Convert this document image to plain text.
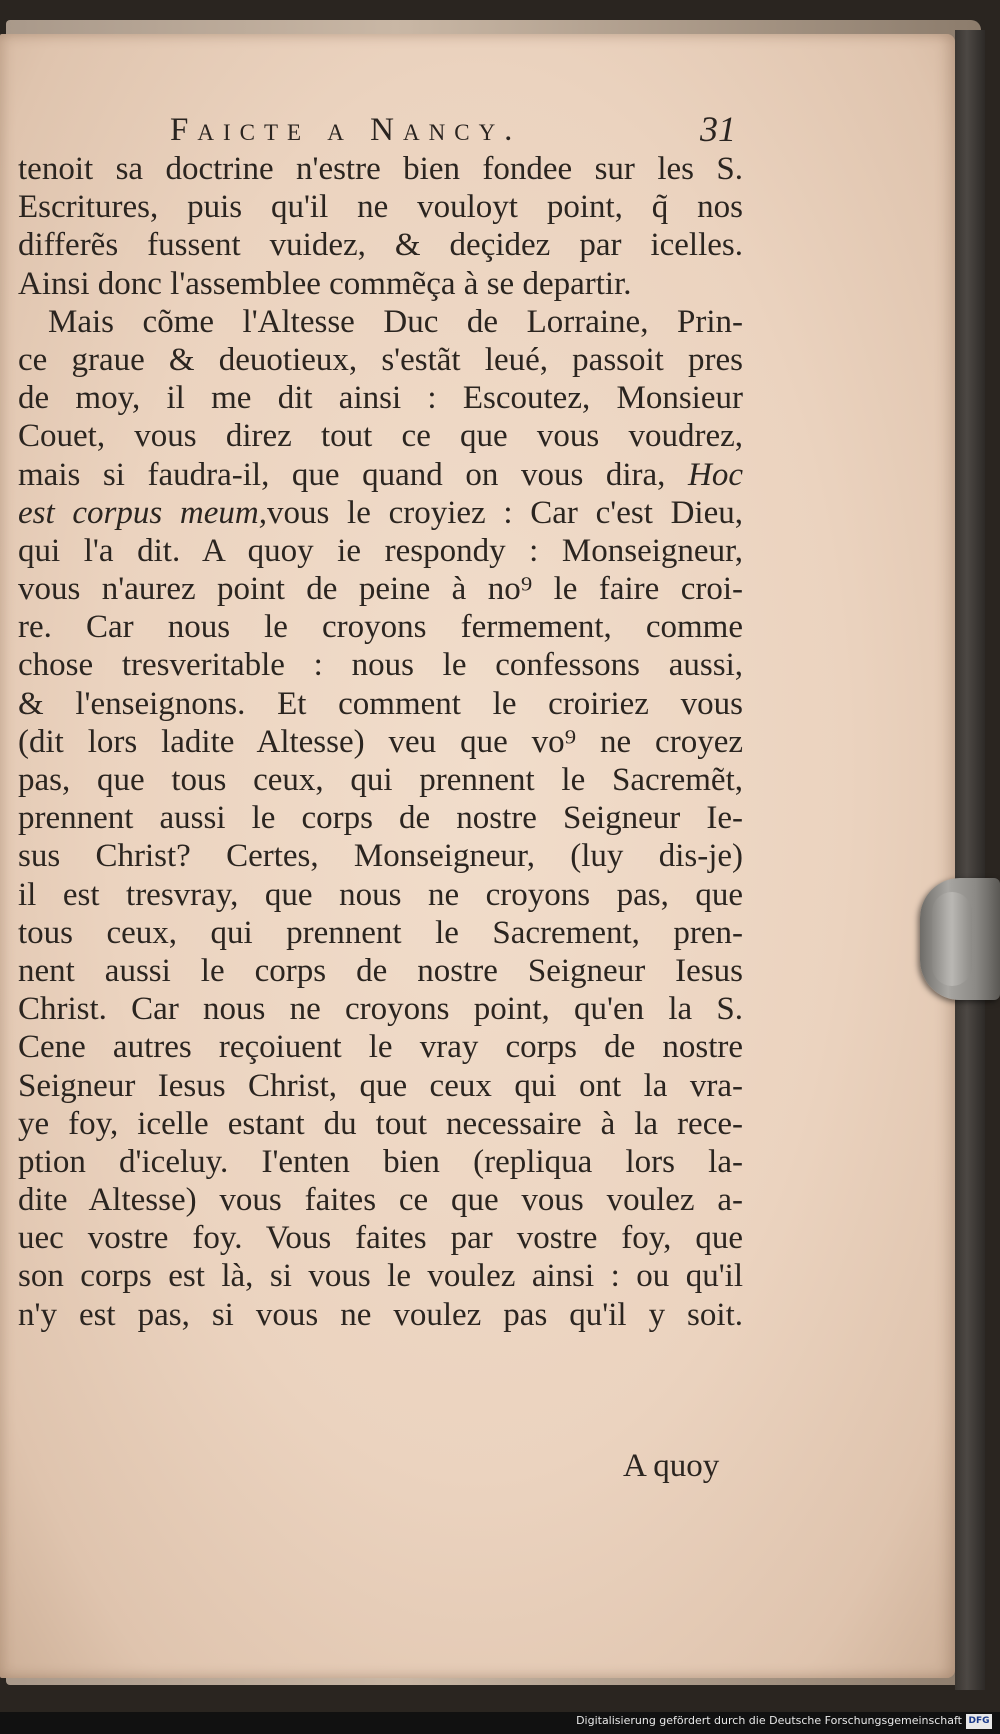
Faicte a Nancy.	31
tenoit sa doctrine n'estre bien fondee sur les S.
Escritures, puis qu'il ne vouloyt point, q̃ nos
differẽs fussent vuidez, & deçidez par icelles.
Ainsi donc l'assemblee commẽça à se departir.
Mais cõme l'Altesse Duc de Lorraine, Prin-
ce graue & deuotieux, s'estãt leué, passoit pres
de moy, il me dit ainsi : Escoutez, Monsieur
Couet, vous direz tout ce que vous voudrez,
mais si faudra-il, que quand on vous dira, Hoc
est corpus meum,vous le croyiez : Car c'est Dieu,
qui l'a dit. A quoy ie respondy : Monseigneur,
vous n'aurez point de peine à no⁹ le faire croi-
re. Car nous le croyons fermement, comme
chose tresveritable : nous le confessons aussi,
& l'enseignons. Et comment le croiriez vous
(dit lors ladite Altesse) veu que vo⁹ ne croyez
pas, que tous ceux, qui prennent le Sacremẽt,
prennent aussi le corps de nostre Seigneur Ie-
sus Christ? Certes, Monseigneur, (luy dis-je)
il est tresvray, que nous ne croyons pas, que
tous ceux, qui prennent le Sacrement, pren-
nent aussi le corps de nostre Seigneur Iesus
Christ. Car nous ne croyons point, qu'en la S.
Cene autres reçoiuent le vray corps de nostre
Seigneur Iesus Christ, que ceux qui ont la vra-
ye foy, icelle estant du tout necessaire à la rece-
ption d'iceluy. I'enten bien (repliqua lors la-
dite Altesse) vous faites ce que vous voulez a-
uec vostre foy. Vous faites par vostre foy, que
son corps est là, si vous le voulez ainsi : ou qu'il
n'y est pas, si vous ne voulez pas qu'il y soit.
A quoy
Digitalisierung gefördert durch die Deutsche Forschungsgemeinschaft DFG
